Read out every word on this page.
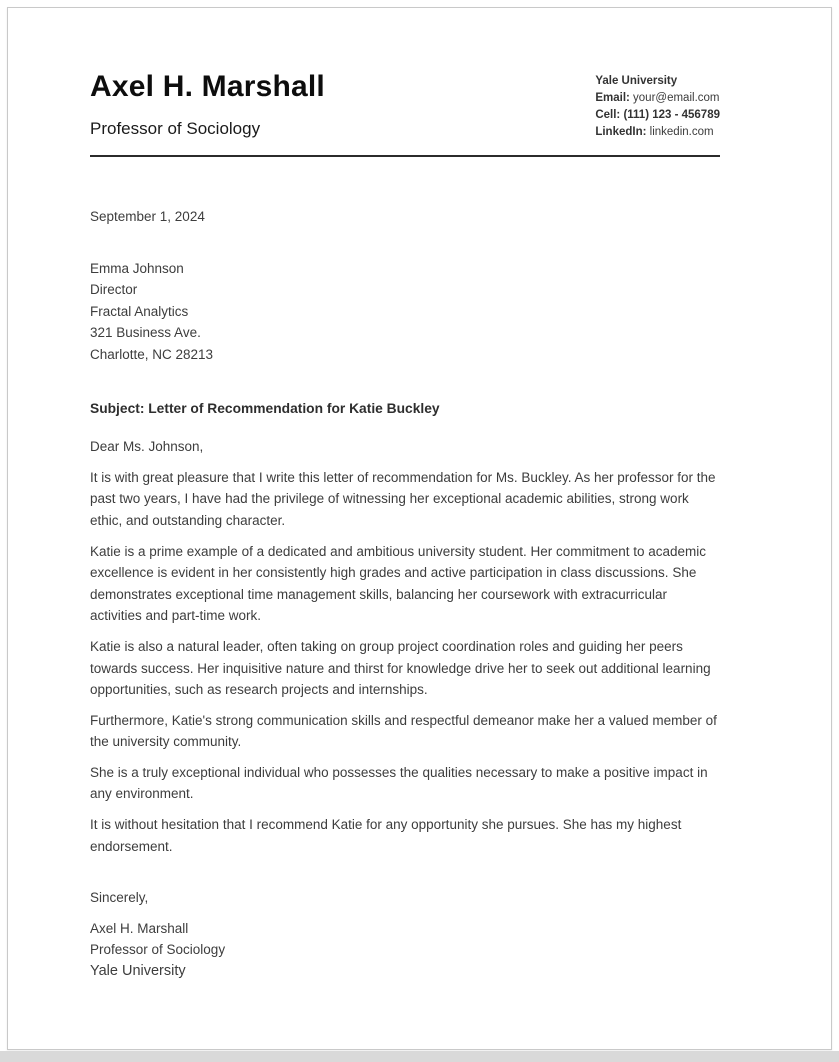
Axel H. Marshall
Professor of Sociology
Yale University
Email: your@email.com
Cell: (111) 123 - 456789
LinkedIn: linkedin.com
September 1, 2024
Emma Johnson
Director
Fractal Analytics
321 Business Ave.
Charlotte, NC 28213
Subject: Letter of Recommendation for Katie Buckley
Dear Ms. Johnson,

It is with great pleasure that I write this letter of recommendation for Ms. Buckley. As her professor for the past two years, I have had the privilege of witnessing her exceptional academic abilities, strong work ethic, and outstanding character.

Katie is a prime example of a dedicated and ambitious university student. Her commitment to academic excellence is evident in her consistently high grades and active participation in class discussions. She demonstrates exceptional time management skills, balancing her coursework with extracurricular activities and part-time work.

Katie is also a natural leader, often taking on group project coordination roles and guiding her peers towards success. Her inquisitive nature and thirst for knowledge drive her to seek out additional learning opportunities, such as research projects and internships.

Furthermore, Katie's strong communication skills and respectful demeanor make her a valued member of the university community.

She is a truly exceptional individual who possesses the qualities necessary to make a positive impact in any environment.

It is without hesitation that I recommend Katie for any opportunity she pursues. She has my highest endorsement.

Sincerely,
Axel H. Marshall
Professor of Sociology
Yale University
